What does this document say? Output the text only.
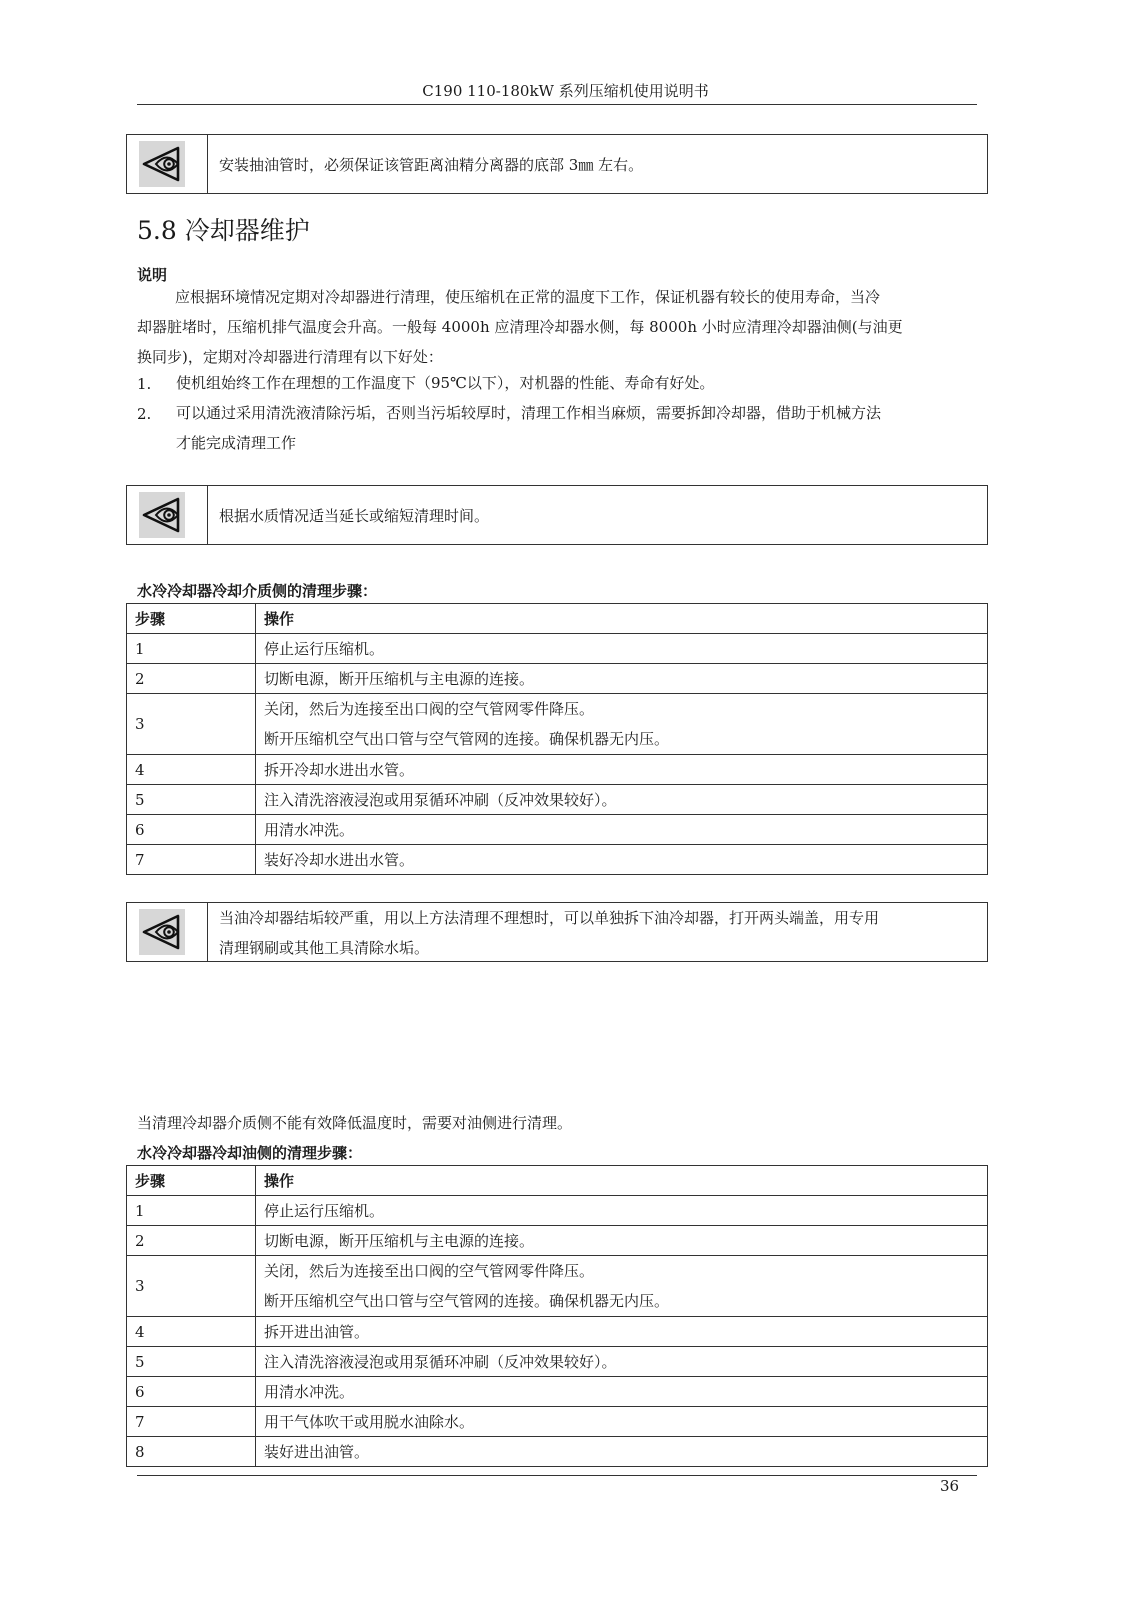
C190 110-180kW 系列压缩机使用说明书
安装抽油管时，必须保证该管距离油精分离器的底部 3㎜ 左右。
5.8 冷却器维护
说明
应根据环境情况定期对冷却器进行清理，使压缩机在正常的温度下工作，保证机器有较长的使用寿命，当冷
却器脏堵时，压缩机排气温度会升高。一般每 4000h 应清理冷却器水侧，每 8000h 小时应清理冷却器油侧(与油更
换同步)，定期对冷却器进行清理有以下好处：
1. 使机组始终工作在理想的工作温度下（95℃以下），对机器的性能、寿命有好处。
2. 可以通过采用清洗液清除污垢，否则当污垢较厚时，清理工作相当麻烦，需要拆卸冷却器，借助于机械方法
才能完成清理工作
根据水质情况适当延长或缩短清理时间。
水冷冷却器冷却介质侧的清理步骤：
步骤	操作
1	停止运行压缩机。
2	切断电源，断开压缩机与主电源的连接。
3	关闭，然后为连接至出口阀的空气管网零件降压。
断开压缩机空气出口管与空气管网的连接。确保机器无内压。

4	拆开冷却水进出水管。
5	注入清洗溶液浸泡或用泵循环冲刷（反冲效果较好）。
6	用清水冲洗。
7	装好冷却水进出水管。
当油冷却器结垢较严重，用以上方法清理不理想时，可以单独拆下油冷却器，打开两头端盖，用专用
清理钢刷或其他工具清除水垢。
当清理冷却器介质侧不能有效降低温度时，需要对油侧进行清理。
水冷冷却器冷却油侧的清理步骤：
步骤	操作
1	停止运行压缩机。
2	切断电源，断开压缩机与主电源的连接。
3	关闭，然后为连接至出口阀的空气管网零件降压。
断开压缩机空气出口管与空气管网的连接。确保机器无内压。

4	拆开进出油管。
5	注入清洗溶液浸泡或用泵循环冲刷（反冲效果较好）。
6	用清水冲洗。
7	用干气体吹干或用脱水油除水。
8	装好进出油管。
36
